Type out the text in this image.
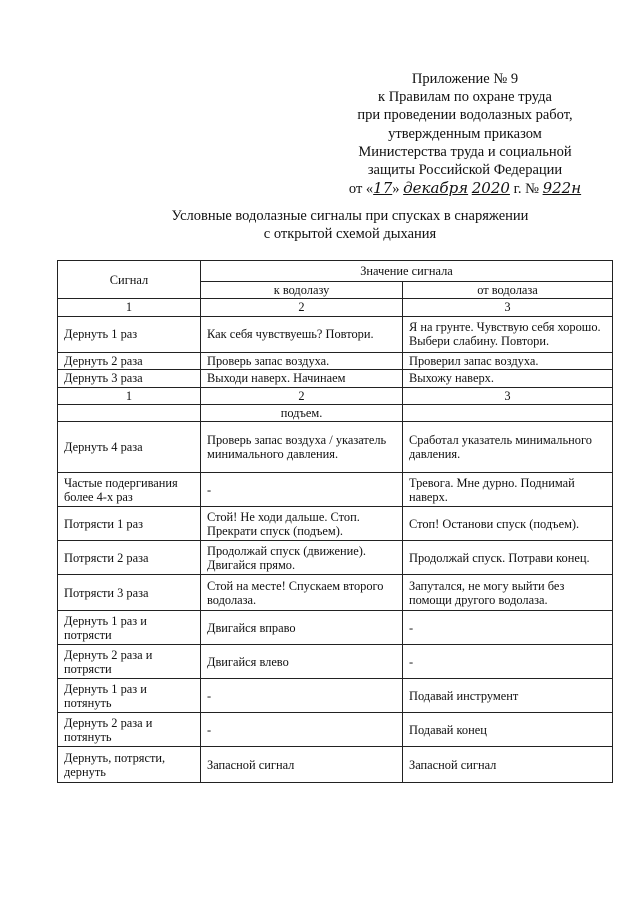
Приложение № 9
к Правилам по охране труда
при проведении водолазных работ,
утвержденным приказом
Министерства труда и социальной
защиты Российской Федерации
от «17» декабря 2020 г. № 922н
Условные водолазные сигналы при спусках в снаряжении
с открытой схемой дыхания
Сигнал	Значение сигнала	
	к водолазу	от водолаза
1	2	3
Дернуть 1 раз	Как себя чувствуешь? Повтори.	Я на грунте. Чувствую себя хорошо. Выбери слабину. Повтори.
Дернуть 2 раза	Проверь запас воздуха.	Проверил запас воздуха.
Дернуть 3 раза	Выходи наверх. Начинаем	Выхожу наверх.
1	2	3
	подъем.	
Дернуть 4 раза	Проверь запас воздуха / указатель минимального давления.	Сработал указатель минимального давления.
Частые подергивания более 4-х раз	-	Тревога. Мне дурно. Поднимай наверх.
Потрясти 1 раз	Стой! Не ходи дальше. Стоп. Прекрати спуск (подъем).	Стоп! Останови спуск (подъем).
Потрясти 2 раза	Продолжай спуск (движение). Двигайся прямо.	Продолжай спуск. Потрави конец.
Потрясти 3 раза	Стой на месте! Спускаем второго водолаза.	Запутался, не могу выйти без помощи другого водолаза.
Дернуть 1 раз и потрясти	Двигайся вправо	-
Дернуть 2 раза и потрясти	Двигайся влево	-
Дернуть 1 раз и потянуть	-	Подавай инструмент
Дернуть 2 раза и потянуть	-	Подавай конец
Дернуть, потрясти, дернуть	Запасной сигнал	Запасной сигнал
